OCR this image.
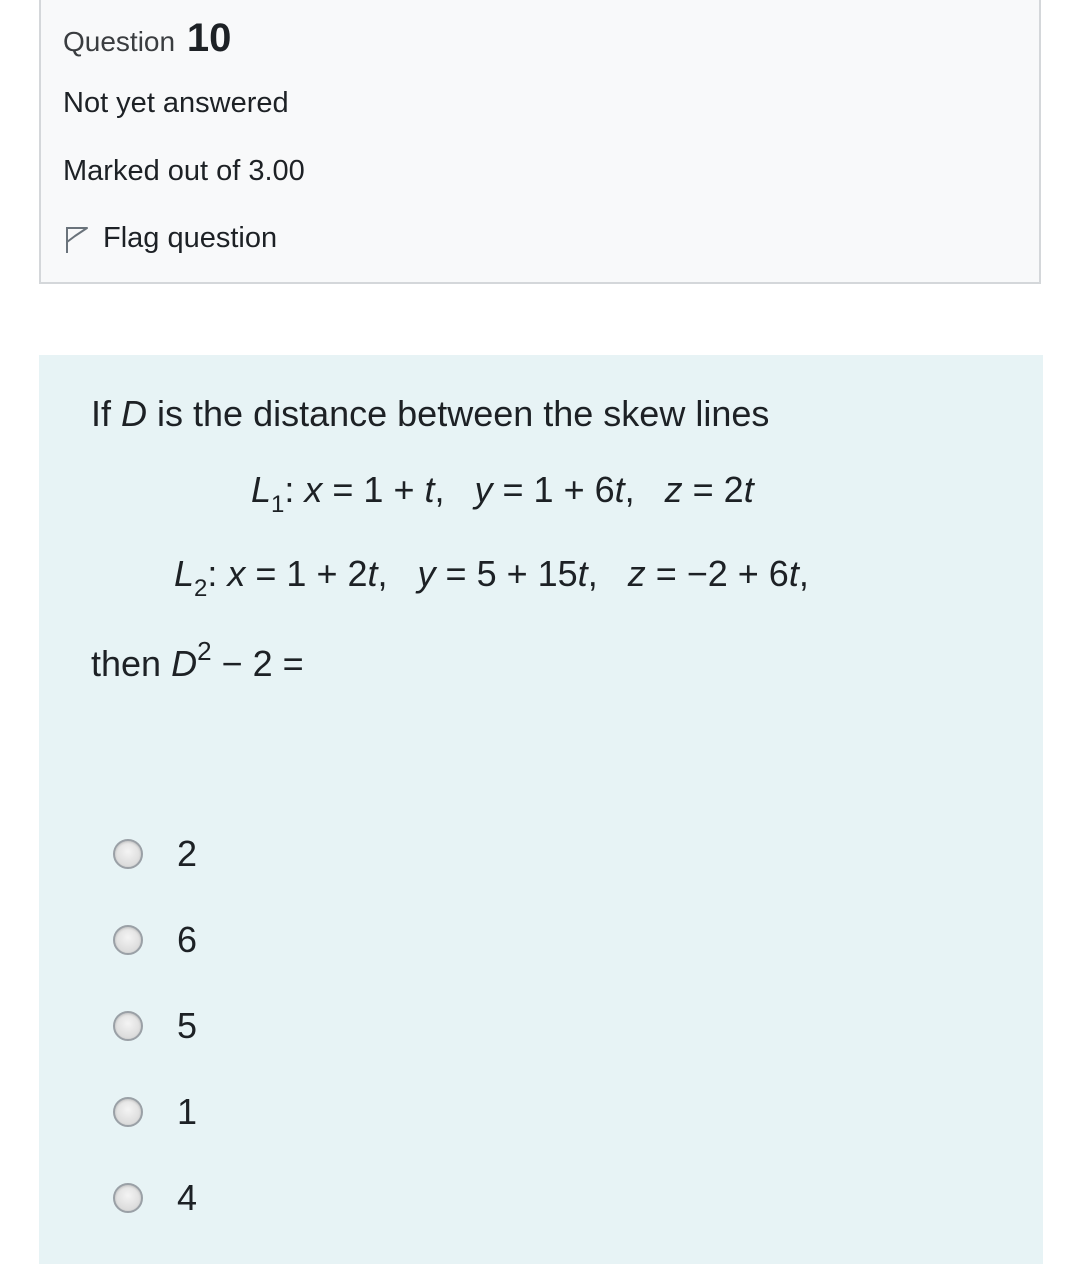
Question 10
Not yet answered
Marked out of 3.00
Flag question
If D is the distance between the skew lines
$L_1$: x = 1 + t,   y = 1 + 6t,   z = 2t
$L_2$: x = 1 + 2t,   y = 5 + 15t,   z = −2 + 6t,
then $D^2 - 2$ =
2
6
5
1
4
